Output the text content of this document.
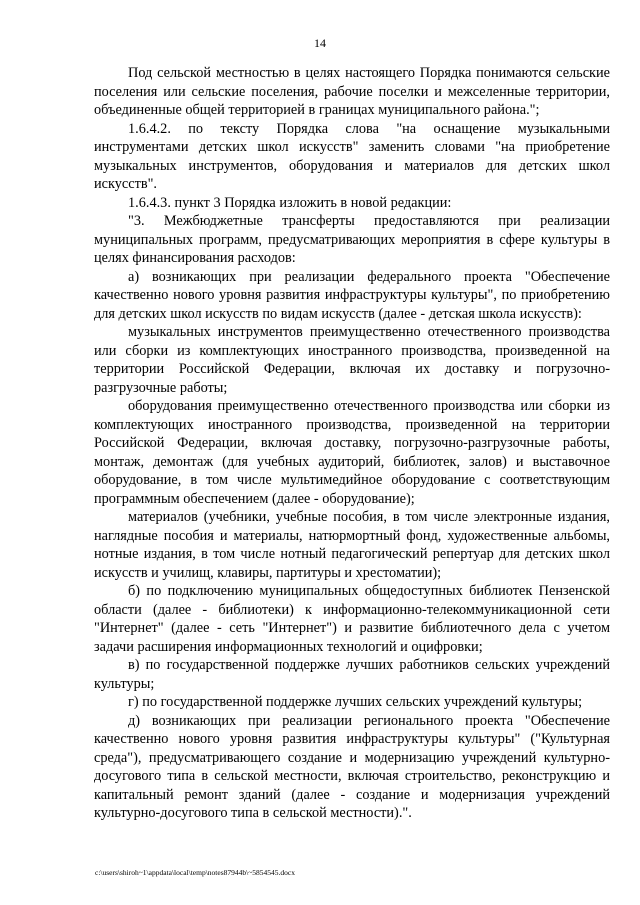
14

Под сельской местностью в целях настоящего Порядка понимаются сельские поселения или сельские поселения, рабочие поселки и межселенные территории, объединенные общей территорией в границах муниципального района.";

1.6.4.2. по тексту Порядка слова "на оснащение музыкальными инструментами детских школ искусств" заменить словами "на приобретение музыкальных инструментов, оборудования и материалов для детских школ искусств".

1.6.4.3. пункт 3 Порядка изложить в новой редакции:

"3. Межбюджетные трансферты предоставляются при реализации муниципальных программ, предусматривающих мероприятия в сфере культуры в целях финансирования расходов:

а) возникающих при реализации федерального проекта "Обеспечение качественно нового уровня развития инфраструктуры культуры", по приобретению для детских школ искусств по видам искусств (далее - детская школа искусств):

музыкальных инструментов преимущественно отечественного производства или сборки из комплектующих иностранного производства, произведенной на территории Российской Федерации, включая их доставку и погрузочно-разгрузочные работы;

оборудования преимущественно отечественного производства или сборки из комплектующих иностранного производства, произведенной на территории Российской Федерации, включая доставку, погрузочно-разгрузочные работы, монтаж, демонтаж (для учебных аудиторий, библиотек, залов) и выставочное оборудование, в том числе мультимедийное оборудование с соответствующим программным обеспечением (далее - оборудование);

материалов (учебники, учебные пособия, в том числе электронные издания, наглядные пособия и материалы, натюрмортный фонд, художественные альбомы, нотные издания, в том числе нотный педагогический репертуар для детских школ искусств и училищ, клавиры, партитуры и хрестоматии);

б) по подключению муниципальных общедоступных библиотек Пензенской области (далее - библиотеки) к информационно-телекоммуникационной сети "Интернет" (далее - сеть "Интернет") и развитие библиотечного дела с учетом задачи расширения информационных технологий и оцифровки;

в) по государственной поддержке лучших работников сельских учреждений культуры;

г) по государственной поддержке лучших сельских учреждений культуры;

д) возникающих при реализации регионального проекта "Обеспечение качественно нового уровня развития инфраструктуры культуры" ("Культурная среда"), предусматривающего создание и модернизацию учреждений культурно-досугового типа в сельской местности, включая строительство, реконструкцию и капитальный ремонт зданий (далее - создание и модернизация учреждений культурно-досугового типа в сельской местности).".

c:\users\shiroh~1\appdata\local\temp\notes87944b\~5854545.docx
